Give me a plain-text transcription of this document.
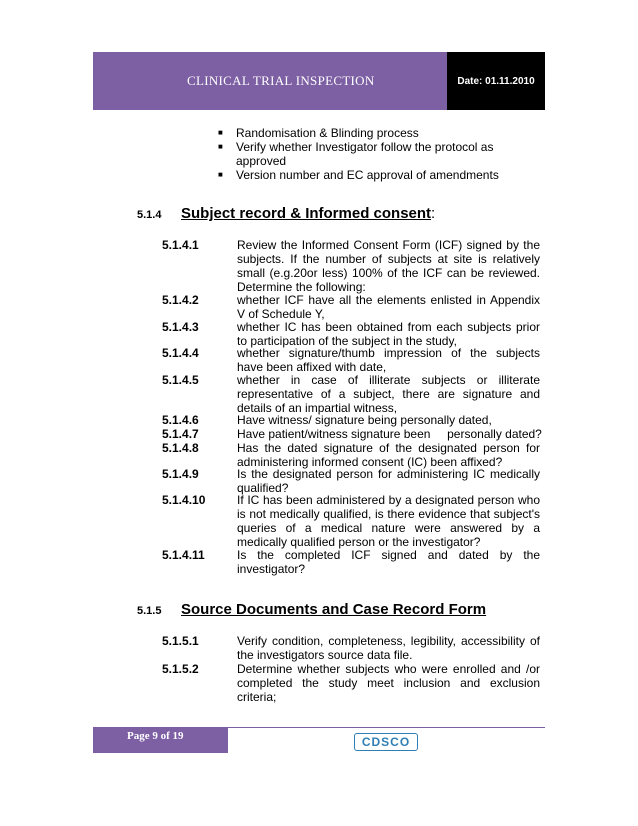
CLINICAL TRIAL INSPECTION	Date: 01.11.2010
■	Randomisation & Blinding process
■	Verify whether Investigator follow the protocol as approved
■	Version number and EC approval of amendments
5.1.4	Subject record & Informed consent :
5.1.4.1	Review the Informed Consent Form (ICF) signed by the subjects. If the number of subjects at site is relatively small (e.g.20or less) 100% of the ICF can be reviewed. Determine the following:
5.1.4.2	whether ICF have all the elements enlisted in Appendix V of Schedule Y,
5.1.4.3	whether IC has been obtained from each subjects prior to participation of the subject in the study,
5.1.4.4	whether signature/thumb impression of the subjects have been affixed with date,
5.1.4.5	whether in case of illiterate subjects or illiterate representative of a subject, there are signature and details of an impartial witness,
5.1.4.6	Have witness/ signature being personally dated,
5.1.4.7	Have patient/witness signature been     personally dated?
5.1.4.8	Has the dated signature of the designated person for administering informed consent (IC) been affixed?
5.1.4.9	Is the designated person for administering IC medically qualified?
5.1.4.10	If IC has been administered by a designated person who is not medically qualified, is there evidence that subject's queries of a medical nature were answered by a medically qualified person or the investigator?
5.1.4.11	Is the completed ICF signed and dated by the investigator?
5.1.5	Source Documents and Case Record Form
5.1.5.1	Verify condition, completeness, legibility, accessibility of the investigators source data file.
5.1.5.2	Determine whether subjects who were enrolled and /or completed the study meet inclusion and exclusion criteria;
Page 9 of 19	CDSCO
